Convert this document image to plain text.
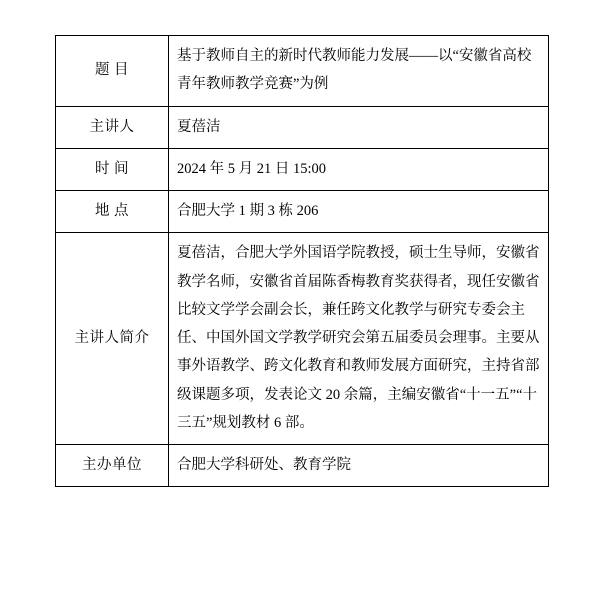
题 目	基于教师自主的新时代教师能力发展——以“安徽省高校青年教师教学竞赛”为例
主讲人	夏蓓洁
时 间	2024 年 5 月 21 日 15:00
地 点	合肥大学 1 期 3 栋 206
主讲人简介	夏蓓洁，合肥大学外国语学院教授，硕士生导师，安徽省教学名师，安徽省首届陈香梅教育奖获得者，现任安徽省比较文学学会副会长，兼任跨文化教学与研究专委会主任、中国外国文学教学研究会第五届委员会理事。主要从事外语教学、跨文化教育和教师发展方面研究，主持省部级课题多项，发表论文 20 余篇，主编安徽省“十一五”“十三五”规划教材 6 部。
主办单位	合肥大学科研处、教育学院
